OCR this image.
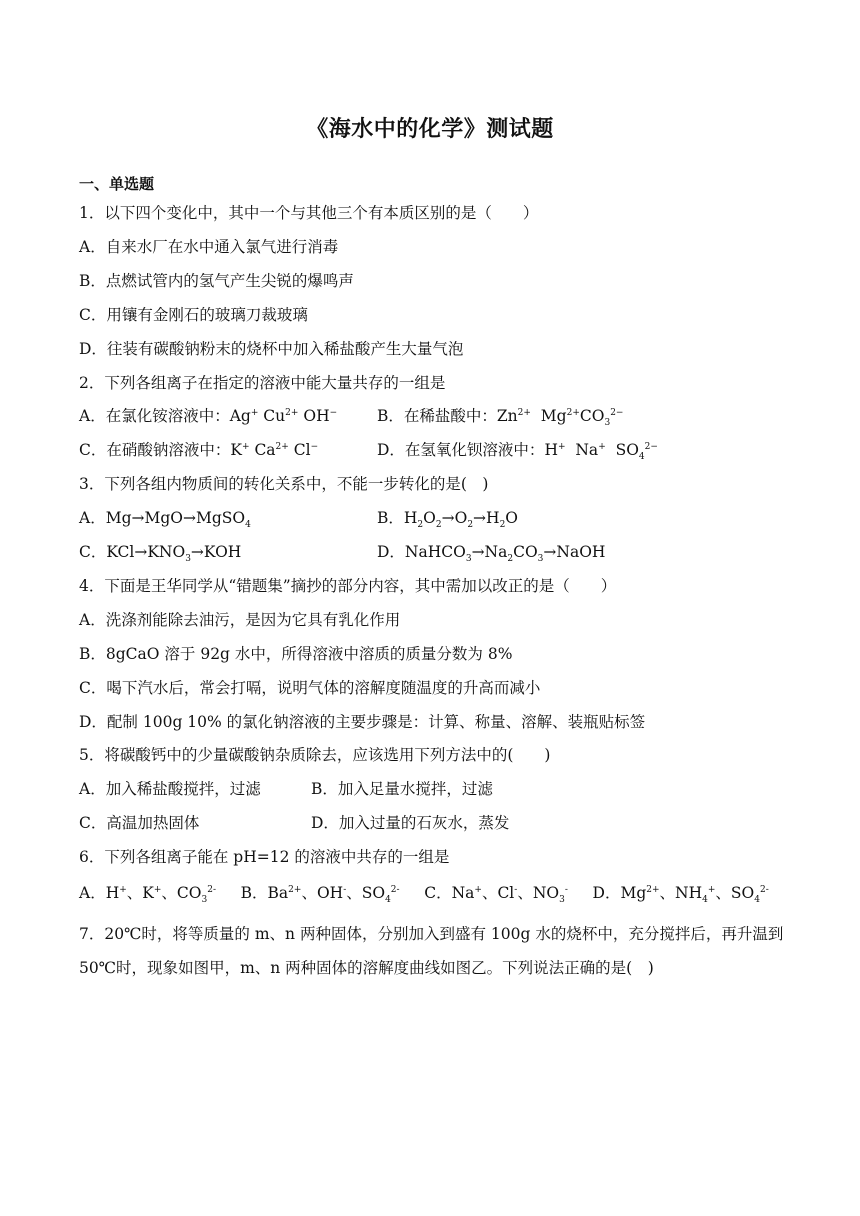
《海水中的化学》测试题
一、单选题
1．以下四个变化中，其中一个与其他三个有本质区别的是（　　）
A．自来水厂在水中通入氯气进行消毒
B．点燃试管内的氢气产生尖锐的爆鸣声
C．用镶有金刚石的玻璃刀裁玻璃
D．往装有碳酸钠粉末的烧杯中加入稀盐酸产生大量气泡
2．下列各组离子在指定的溶液中能大量共存的一组是
A．在氯化铵溶液中：Ag+ $Cu^{2+}$ OH−	B．在稀盐酸中：$Zn^{2+}$  $Mg^{2+}CO_3^{2-}$
C．在硝酸钠溶液中：K+ $Ca^{2+}$ Cl−	D．在氢氧化钡溶液中：H+  Na+  $SO_4^{2-}$
3．下列各组内物质间的转化关系中，不能一步转化的是(　)
A．Mg→MgO→MgSO$_4$	B．$H_2O_2\to O_2\to H_2O$
C．$KCl\to KNO_3\to KOH$	D．$NaHCO_3\to Na_2CO_3\to NaOH$
4．下面是王华同学从“错题集”摘抄的部分内容，其中需加以改正的是（　　）
A．洗涤剂能除去油污，是因为它具有乳化作用
B．8gCaO 溶于 92g 水中，所得溶液中溶质的质量分数为 8%
C．喝下汽水后，常会打嗝，说明气体的溶解度随温度的升高而减小
D．配制 100g 10% 的氯化钠溶液的主要步骤是：计算、称量、溶解、装瓶贴标签
5．将碳酸钙中的少量碳酸钠杂质除去，应该选用下列方法中的(　　)
A．加入稀盐酸搅拌，过滤	B．加入足量水搅拌，过滤
C．高温加热固体	D．加入过量的石灰水，蒸发
6．下列各组离子能在 pH=12 的溶液中共存的一组是
A．H+、K+、$CO_3^{2-}$ B．$Ba^{2+}$、OH-、$SO_4^{2-}$ C．Na+、Cl-、$NO_3^-$ D．$Mg^{2+}$、$NH_4^+$、$SO_4^{2-}$
7．20℃时，将等质量的 m、n 两种固体，分别加入到盛有 100g 水的烧杯中，充分搅拌后，再升温到 50℃时，现象如图甲，m、n 两种固体的溶解度曲线如图乙。下列说法正确的是(　)
